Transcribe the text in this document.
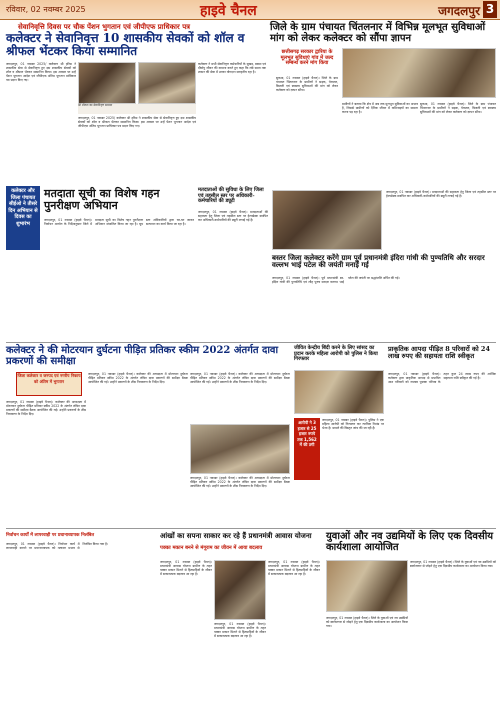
रविवार, 02 नवम्बर 2025	हाइवे चैनल	जगदलपुर 3
सेवानिवृत्ति दिवस पर चौक पेंशन भुगतान एवं जीपीएफ प्राधिकार पत्र
कलेक्टर ने सेवानिवृत्त 10 शासकीय सेवकों को शॉल व श्रीफल भेंटकर किया सम्मानित
जगदलपुर, 01 नवम्बर 2025/ कलेक्टर श्री हरिस ने शासकीय सेवा से सेवानिवृत्त हुए दस शासकीय सेवकों को शॉल व श्रीफल भेंटकर सम्मानित किया। इस अवसर पर उन्हें पेंशन भुगतान आदेश एवं जीपीएफ अंतिम भुगतान प्राधिकार पत्र प्रदान किए गए।
श्री शीतल का सेवानिवृत्त सम्मान
कलेक्टर ने सभी सेवानिवृत्त कर्मचारियों के सुखद, स्वस्थ एवं दीर्घायु जीवन की कामना करते हुए कहा कि लंबे समय तक शासन की सेवा में उनका योगदान सराहनीय रहा है।
जगदलपुर, 01 नवम्बर 2025/ कलेक्टर श्री हरिस ने शासकीय सेवा से सेवानिवृत्त हुए दस शासकीय सेवकों को शॉल व श्रीफल भेंटकर सम्मानित किया। इस अवसर पर उन्हें पेंशन भुगतान आदेश एवं जीपीएफ अंतिम भुगतान प्राधिकार पत्र प्रदान किए गए।
जिले के ग्राम पंचायत चिंतलनार में विभिन्न मूलभूत सुविधाओं मांग को लेकर कलेक्टर को सौंपा ज्ञापन
छत्तीसगढ़ सरकार द्वारिया के मूलभूत सुविधाएं गांव में जल्द सम्बन्ध करने मांग किया
सुकमा, 01 नवम्बर (हाइवे चैनल)। जिले के ग्राम पंचायत चिंतलनार के ग्रामीणों ने सड़क, पेयजल, बिजली एवं स्वास्थ्य सुविधाओं की मांग को लेकर कलेक्टर को ज्ञापन सौंपा।
ग्रामीणों ने बताया कि क्षेत्र में अब तक मूलभूत सुविधाओं का अभाव है, जिससे ग्रामीणों को दैनिक जीवन में कठिनाइयों का सामना करना पड़ रहा है।
सुकमा, 01 नवम्बर (हाइवे चैनल)। जिले के ग्राम पंचायत चिंतलनार के ग्रामीणों ने सड़क, पेयजल, बिजली एवं स्वास्थ्य सुविधाओं की मांग को लेकर कलेक्टर को ज्ञापन सौंपा।
कलेक्टर और जिला पंचायत सीईओ ने तीसरे दिन अभियान से दिवस का शुभारंभ
मतदाता सूची का विशेष गहन पुनरीक्षण अभियान
जगदलपुर, 01 नवम्बर (हाइवे चैनल)। निर्वाचन आयोग के निर्देशानुसार जिले में मतदाता सूची का विशेष गहन पुनरीक्षण अभियान संचालित किया जा रहा है। बूथ स्तर अधिकारियों द्वारा घर-घर जाकर सत्यापन का कार्य किया जा रहा है।
मतदाताओं की सुविधा के लिए जिला एवं तहसील स्तर पर अधिकारी-कर्मचारियों की ड्यूटी
जगदलपुर, 01 नवम्बर (हाइवे चैनल)। मतदाताओं की सहायता हेतु जिला एवं तहसील स्तर पर हेल्पडेस्क स्थापित कर अधिकारी-कर्मचारियों की ड्यूटी लगाई गई है।
बस्तर जिला कलेक्टर करेंगे ग्राम पूर्व प्रधानमंत्री इंदिरा गांधी की पुण्यतिथि और सरदार वल्लभ भाई पटेल की जयंती मनाई गई
जगदलपुर, 01 नवम्बर (हाइवे चैनल)। मतदाताओं की सहायता हेतु जिला एवं तहसील स्तर पर हेल्पडेस्क स्थापित कर अधिकारी-कर्मचारियों की ड्यूटी लगाई गई है।
जगदलपुर, 01 नवम्बर (हाइवे चैनल)। पूर्व प्रधानमंत्री स्व. इंदिरा गांधी की पुण्यतिथि एवं लौह पुरुष सरदार वल्लभ भाई पटेल की जयंती पर श्रद्धांजलि अर्पित की गई।
कलेक्टर ने की मोटरयान दुर्घटना पीड़ित प्रतिकर स्कीम 2022 अंतर्गत दावा प्रकरणों की समीक्षा
जिला कलेक्टर व जनपद एवं नगरीय निकाय को अंतिम में भुगतान
जगदलपुर, 01 नवम्बर (हाइवे चैनल)। कलेक्टर की अध्यक्षता में मोटरयान दुर्घटना पीड़ित प्रतिकर स्कीम 2022 के अंतर्गत लंबित दावा प्रकरणों की समीक्षा बैठक आयोजित की गई। उन्होंने प्रकरणों के शीघ्र निराकरण के निर्देश दिए।
जगदलपुर, 01 नवम्बर (हाइवे चैनल)। कलेक्टर की अध्यक्षता में मोटरयान दुर्घटना पीड़ित प्रतिकर स्कीम 2022 के अंतर्गत लंबित दावा प्रकरणों की समीक्षा बैठक आयोजित की गई। उन्होंने प्रकरणों के शीघ्र निराकरण के निर्देश दिए।
जगदलपुर, 01 नवम्बर (हाइवे चैनल)। कलेक्टर की अध्यक्षता में मोटरयान दुर्घटना पीड़ित प्रतिकर स्कीम 2022 के अंतर्गत लंबित दावा प्रकरणों की समीक्षा बैठक आयोजित की गई। उन्होंने प्रकरणों के शीघ्र निराकरण के निर्देश दिए।
जगदलपुर, 01 नवम्बर (हाइवे चैनल)। कलेक्टर की अध्यक्षता में मोटरयान दुर्घटना पीड़ित प्रतिकर स्कीम 2022 के अंतर्गत लंबित दावा प्रकरणों की समीक्षा बैठक आयोजित की गई। उन्होंने प्रकरणों के शीघ्र निराकरण के निर्देश दिए।
जीवित केन्द्रीय बिंदी करने के लिए सांसद का प्रदान करके महिला आरोपी को पुलिस ने किया गिरफ्तार
आरोपी ने 3 हजार से 25 हजार रुपये तक 1,562 में की ठगी
जगदलपुर, 01 नवम्बर (हाइवे चैनल)। पुलिस ने एक महिला आरोपी को गिरफ्तार कर न्यायिक रिमांड पर भेजा है। मामले की विस्तृत जांच की जा रही है।
प्राकृतिक आपदा पीड़ित 8 परिवारों को 24 लाख रुपए की सहायता राशि स्वीकृत
जगदलपुर, 01 नवम्बर (हाइवे चैनल)। कलेक्टर द्वारा प्राकृतिक आपदा से प्रभावित आठ परिवारों को राजस्व पुस्तक परिपत्र के तहत कुल 24 लाख रुपए की आर्थिक सहायता राशि स्वीकृत की गई है।
निर्वाचन कार्यों में लापरवाही पर प्रधानाध्यापक निलंबित
जगदलपुर, 01 नवम्बर (हाइवे चैनल)। निर्वाचन कार्य में लापरवाही बरतने पर प्रधानाध्यापक को तत्काल प्रभाव से निलंबित किया गया है।
आंखों का सपना साकार कर रहे हैं प्रधानमंत्री आवास योजना
पक्का मकान बनने से मंगूराम का जीवन में आया बदलाव
जगदलपुर, 01 नवम्बर (हाइवे चैनल)। प्रधानमंत्री आवास योजना ग्रामीण के तहत पक्का मकान मिलने से हितग्राहियों के जीवन में सकारात्मक बदलाव आ रहा है।
जगदलपुर, 01 नवम्बर (हाइवे चैनल)। प्रधानमंत्री आवास योजना ग्रामीण के तहत पक्का मकान मिलने से हितग्राहियों के जीवन में सकारात्मक बदलाव आ रहा है।
जगदलपुर, 01 नवम्बर (हाइवे चैनल)। प्रधानमंत्री आवास योजना ग्रामीण के तहत पक्का मकान मिलने से हितग्राहियों के जीवन में सकारात्मक बदलाव आ रहा है।
युवाओं और नव उद्यमियों के लिए एक दिवसीय कार्यशाला आयोजित
जगदलपुर, 01 नवम्बर (हाइवे चैनल)। जिले के युवाओं एवं नव उद्यमियों को स्वरोजगार से जोड़ने हेतु एक दिवसीय कार्यशाला का आयोजन किया गया।
जगदलपुर, 01 नवम्बर (हाइवे चैनल)। जिले के युवाओं एवं नव उद्यमियों को स्वरोजगार से जोड़ने हेतु एक दिवसीय कार्यशाला का आयोजन किया गया।
